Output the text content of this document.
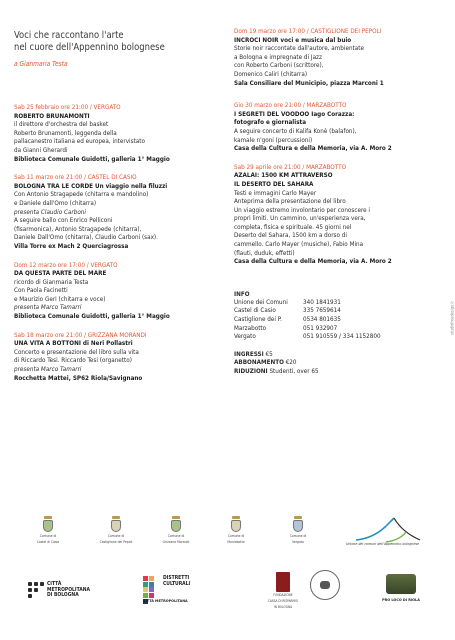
Voci che raccontano l'arte
nel cuore dell'Appennino bolognese
a Gianmaria Testa
Sab 25 febbraio ore 21:00 / VERGATO
ROBERTO BRUNAMONTI
il direttore d'orchestra del basket
Roberto Brunamonti, leggenda della
pallacanestro italiana ed europea, intervistato
da Gianni Gherardi
Biblioteca Comunale Guidotti, galleria 1° Maggio
Sab 11 marzo ore 21:00 / CASTEL DI CASIO
BOLOGNA TRA LE CORDE Un viaggio nella filuzzi
Con Antonio Stragapede (chitarra e mandolino)
e Daniele dall'Omo (chitarra)
presenta Claudio Carboni
A seguire ballo con Enrico Pelliconi
(fisarmonica), Antonio Stragapede (chitarra),
Daniele Dall'Omo (chitarra), Claudio Carboni (sax).
Villa Torre ex Mach 2 Querciagrossa
Dom 12 marzo ore 17:00 / VERGATO
DA QUESTA PARTE DEL MARE
ricordo di Gianmaria Testa
Con Paola Facinetti
e Maurizio Geri (chitarra e voce)
presenta Marco Tamarri
Biblioteca Comunale Guidotti, galleria 1° Maggio
Sab 18 marzo ore 21:00 / GRIZZANA MORANDI
UNA VITA A BOTTONI di Neri Pollastri
Concerto e presentazione del libro sulla vita
di Riccardo Tesi. Riccardo Tesi (organetto)
presenta Marco Tamarri
Rocchetta Mattei, SP62 Riola/Savignano
Dom 19 marzo ore 17:00 / CASTIGLIONE DEI PEPOLI
INCROCI NOIR voci e musica dal buio
Storie noir raccontate dall'autore, ambientate
a Bologna e impregnate di Jazz
con Roberto Carboni (scrittore),
Domenico Caliri (chitarra)
Sala Consiliare del Municipio, piazza Marconi 1
Gio 30 marzo ore 21:00 / MARZABOTTO
I SEGRETI DEL VOODOO Iago Corazza:
fotografo e giornalista
A seguire concerto di Kalifa Konè (balafon),
kamale n'goni (percussioni)
Casa della Cultura e della Memoria, via A. Moro 2
Sab 29 aprile ore 21:00 / MARZABOTTO
AZALAI: 1500 KM ATTRAVERSO
IL DESERTO DEL SAHARA
Testi e immagini Carlo Mayer
Anteprima della presentazione del libro
Un viaggio estremo involontario per conoscere i
propri limiti. Un cammino, un'esperienza vera,
completa, fisica e spirituale. 45 giorni nel
Deserto del Sahara, 1500 km a dorso di
cammello. Carlo Mayer (musiche), Fabio Mina
(flauti, duduk, effetti)
Casa della Cultura e della Memoria, via A. Moro 2
INFO
Unione dei Comuni	340 1841931
Castel di Casio	335 7659614
Castiglione dei P.	0534 801635
Marzabotto	051 932907
Vergato	051 910559 / 334 1152800
INGRESSI €5
ABBONAMENTO €20
RIDUZIONI Studenti, over 65
studiofreedesign.it
Comune di
Castel di Casio
Comune di
Castiglione dei Pepoli
Comune di
Grizzana Morandi
Comune di
Marzabotto
Comune di
Vergato	Unione dei comuni dell'Appennino bolognese
CITTÀ
METROPOLITANA
DI BOLOGNA
DISTRETTI
CULTURALI
CITTÀ METROPOLITANA
FONDAZIONE
CASSA DI RISPARMIO
IN BOLOGNA
PRO LOCO DI RIOLA
